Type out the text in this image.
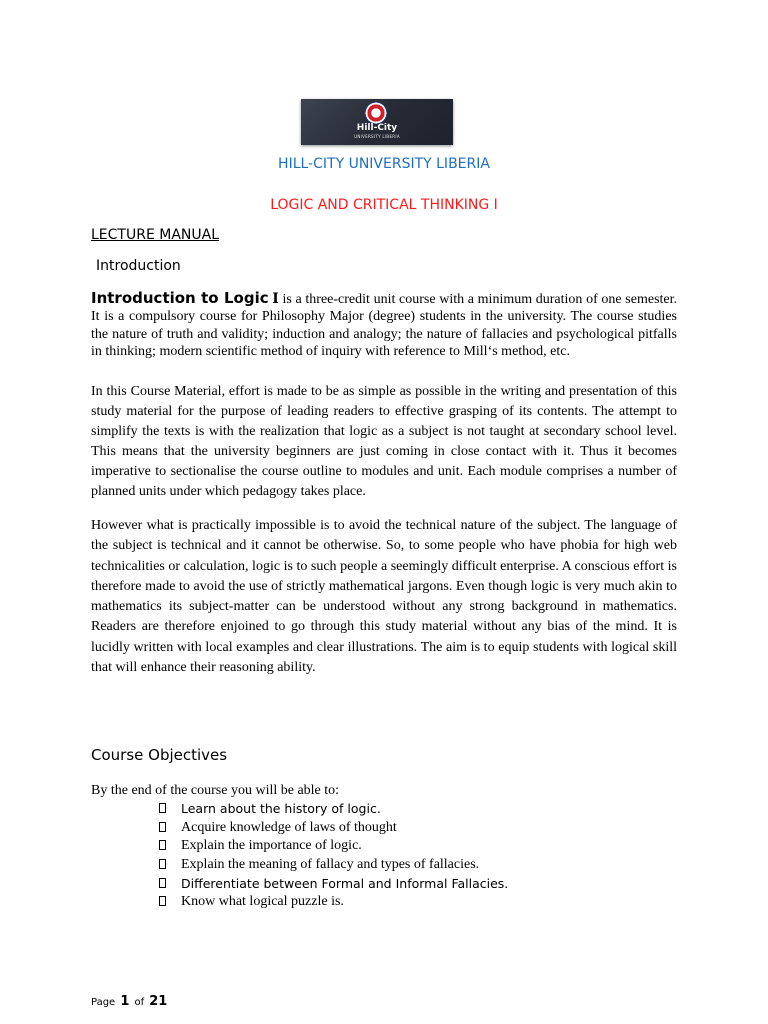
Hill-City
UNIVERSITY LIBERIA
HILL-CITY UNIVERSITY LIBERIA
LOGIC AND CRITICAL THINKING I
LECTURE MANUAL
Introduction

Introduction to Logic I is a three-credit unit course with a minimum duration of one semester. It is a compulsory course for Philosophy Major (degree) students in the university. The course studies the nature of truth and validity; induction and analogy; the nature of fallacies and psychological pitfalls in thinking; modern scientific method of inquiry with reference to Mill‘s method, etc.

In this Course Material, effort is made to be as simple as possible in the writing and presentation of this study material for the purpose of leading readers to effective grasping of its contents. The attempt to simplify the texts is with the realization that logic as a subject is not taught at secondary school level. This means that the university beginners are just coming in close contact with it. Thus it becomes imperative to sectionalise the course outline to modules and unit. Each module comprises a number of planned units under which pedagogy takes place.

However what is practically impossible is to avoid the technical nature of the subject. The language of the subject is technical and it cannot be otherwise. So, to some people who have phobia for high web technicalities or calculation, logic is to such people a seemingly difficult enterprise. A conscious effort is therefore made to avoid the use of strictly mathematical jargons. Even though logic is very much akin to mathematics its subject-matter can be understood without any strong background in mathematics. Readers are therefore enjoined to go through this study material without any bias of the mind. It is lucidly written with local examples and clear illustrations. The aim is to equip students with logical skill that will enhance their reasoning ability.

Course Objectives
By the end of the course you will be able to:
Learn about the history of logic.
Acquire knowledge of laws of thought
Explain the importance of logic.
Explain the meaning of fallacy and types of fallacies.
Differentiate between Formal and Informal Fallacies.
Know what logical puzzle is.
Page 1 of 21
